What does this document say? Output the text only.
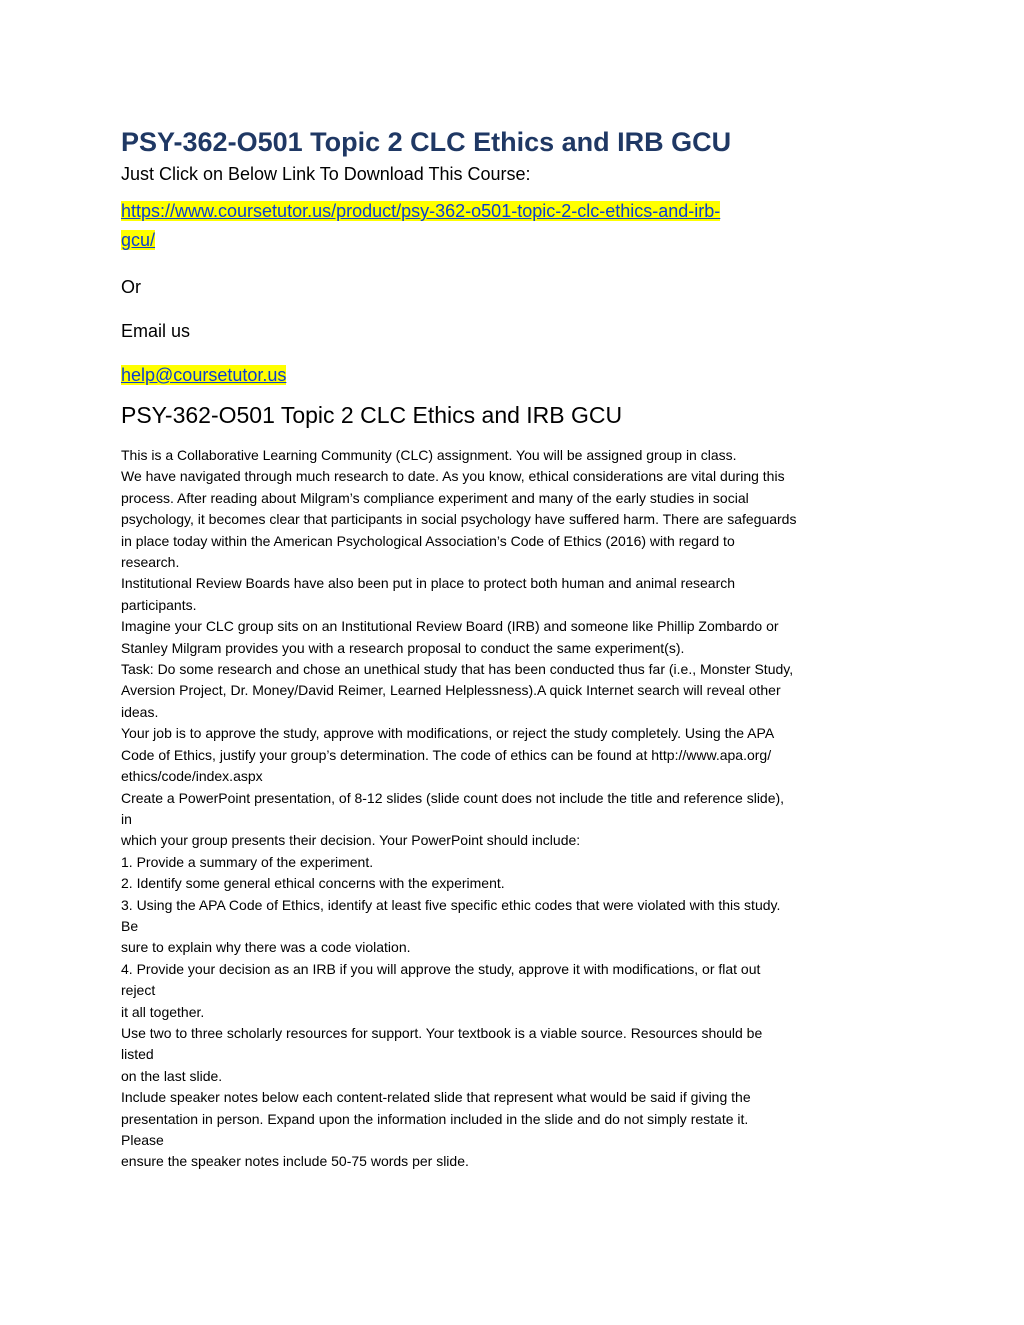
PSY-362-O501 Topic 2 CLC Ethics and IRB GCU

Just Click on Below Link To Download This Course:

https://www.coursetutor.us/product/psy-362-o501-topic-2-clc-ethics-and-irb-
gcu/

Or

Email us

help@coursetutor.us
PSY-362-O501 Topic 2 CLC Ethics and IRB GCU
This is a Collaborative Learning Community (CLC) assignment. You will be assigned group in class.
We have navigated through much research to date. As you know, ethical considerations are vital during this
process. After reading about Milgram’s compliance experiment and many of the early studies in social
psychology, it becomes clear that participants in social psychology have suffered harm. There are safeguards
in place today within the American Psychological Association’s Code of Ethics (2016) with regard to
research.
Institutional Review Boards have also been put in place to protect both human and animal research
participants.
Imagine your CLC group sits on an Institutional Review Board (IRB) and someone like Phillip Zombardo or
Stanley Milgram provides you with a research proposal to conduct the same experiment(s).
Task: Do some research and chose an unethical study that has been conducted thus far (i.e., Monster Study,
Aversion Project, Dr. Money/David Reimer, Learned Helplessness).A quick Internet search will reveal other
ideas.
Your job is to approve the study, approve with modifications, or reject the study completely. Using the APA
Code of Ethics, justify your group’s determination. The code of ethics can be found at http://www.apa.org/
ethics/code/index.aspx
Create a PowerPoint presentation, of 8-12 slides (slide count does not include the title and reference slide),
in
which your group presents their decision. Your PowerPoint should include:
1. Provide a summary of the experiment.
2. Identify some general ethical concerns with the experiment.
3. Using the APA Code of Ethics, identify at least five specific ethic codes that were violated with this study.
Be
sure to explain why there was a code violation.
4. Provide your decision as an IRB if you will approve the study, approve it with modifications, or flat out
reject
it all together.
Use two to three scholarly resources for support. Your textbook is a viable source. Resources should be
listed
on the last slide.
Include speaker notes below each content-related slide that represent what would be said if giving the
presentation in person. Expand upon the information included in the slide and do not simply restate it.
Please
ensure the speaker notes include 50-75 words per slide.
